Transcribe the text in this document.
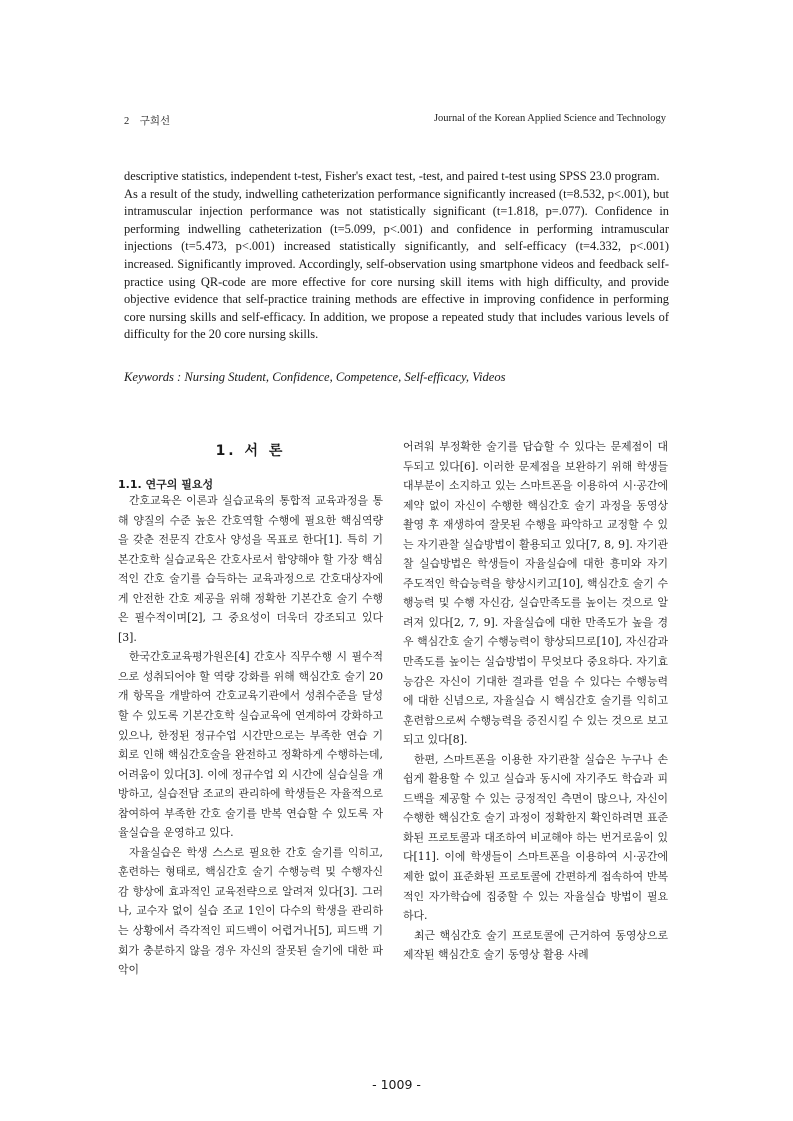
2　구희선	Journal of the Korean Applied Science and Technology

descriptive statistics, independent t-test, Fisher's exact test, -test, and paired t-test using SPSS 23.0 program.

As a result of the study, indwelling catheterization performance significantly increased (t=8.532, p<.001), but intramuscular injection performance was not statistically significant (t=1.818, p=.077). Confidence in performing indwelling catheterization (t=5.099, p<.001) and confidence in performing intramuscular injections (t=5.473, p<.001) increased statistically significantly, and self-efficacy (t=4.332, p<.001) increased. Significantly improved. Accordingly, self-observation using smartphone videos and feedback self-practice using QR-code are more effective for core nursing skill items with high difficulty, and provide objective evidence that self-practice training methods are effective in improving confidence in performing core nursing skills and self-efficacy. In addition, we propose a repeated study that includes various levels of difficulty for the 20 core nursing skills.

Keywords : Nursing Student, Confidence, Competence, Self-efficacy, Videos
1. 서 론
1.1. 연구의 필요성

간호교육은 이론과 실습교육의 통합적 교육과정을 통해 양질의 수준 높은 간호역할 수행에 필요한 핵심역량을 갖춘 전문직 간호사 양성을 목표로 한다[1]. 특히 기본간호학 실습교육은 간호사로서 함양해야 할 가장 핵심적인 간호 술기를 습득하는 교육과정으로 간호대상자에게 안전한 간호 제공을 위해 정확한 기본간호 술기 수행은 필수적이며[2], 그 중요성이 더욱더 강조되고 있다[3].

한국간호교육평가원은[4] 간호사 직무수행 시 필수적으로 성취되어야 할 역량 강화를 위해 핵심간호 술기 20개 항목을 개발하여 간호교육기관에서 성취수준을 달성할 수 있도록 기본간호학 실습교육에 연계하여 강화하고 있으나, 한정된 정규수업 시간만으로는 부족한 연습 기회로 인해 핵심간호술을 완전하고 정확하게 수행하는데, 어려움이 있다[3]. 이에 정규수업 외 시간에 실습실을 개방하고, 실습전담 조교의 관리하에 학생들은 자율적으로 참여하여 부족한 간호 술기를 반복 연습할 수 있도록 자율실습을 운영하고 있다.

자율실습은 학생 스스로 필요한 간호 술기를 익히고, 훈련하는 형태로, 핵심간호 술기 수행능력 및 수행자신감 향상에 효과적인 교육전략으로 알려져 있다[3]. 그러나, 교수자 없이 실습 조교 1인이 다수의 학생을 관리하는 상황에서 즉각적인 피드백이 어렵거나[5], 피드백 기회가 충분하지 않을 경우 자신의 잘못된 술기에 대한 파악이

어려워 부정확한 술기를 답습할 수 있다는 문제점이 대두되고 있다[6]. 이러한 문제점을 보완하기 위해 학생들 대부분이 소지하고 있는 스마트폰을 이용하여 시·공간에 제약 없이 자신이 수행한 핵심간호 술기 과정을 동영상 촬영 후 재생하여 잘못된 수행을 파악하고 교정할 수 있는 자기관찰 실습방법이 활용되고 있다[7, 8, 9]. 자기관찰 실습방법은 학생들이 자율실습에 대한 흥미와 자기 주도적인 학습능력을 향상시키고[10], 핵심간호 술기 수행능력 및 수행 자신감, 실습만족도를 높이는 것으로 알려져 있다[2, 7, 9]. 자율실습에 대한 만족도가 높을 경우 핵심간호 술기 수행능력이 향상되므로[10], 자신감과 만족도를 높이는 실습방법이 무엇보다 중요하다. 자기효능감은 자신이 기대한 결과를 얻을 수 있다는 수행능력에 대한 신념으로, 자율실습 시 핵심간호 술기를 익히고 훈련함으로써 수행능력을 증진시킬 수 있는 것으로 보고되고 있다[8].

한편, 스마트폰을 이용한 자기관찰 실습은 누구나 손쉽게 활용할 수 있고 실습과 동시에 자기주도 학습과 피드백을 제공할 수 있는 긍정적인 측면이 많으나, 자신이 수행한 핵심간호 술기 과정이 정확한지 확인하려면 표준화된 프로토콜과 대조하여 비교해야 하는 번거로움이 있다[11]. 이에 학생들이 스마트폰을 이용하여 시·공간에 제한 없이 표준화된 프로토콜에 간편하게 접속하여 반복적인 자가학습에 집중할 수 있는 자율실습 방법이 필요하다.

최근 핵심간호 술기 프로토콜에 근거하여 동영상으로 제작된 핵심간호 술기 동영상 활용 사례

- 1009 -
